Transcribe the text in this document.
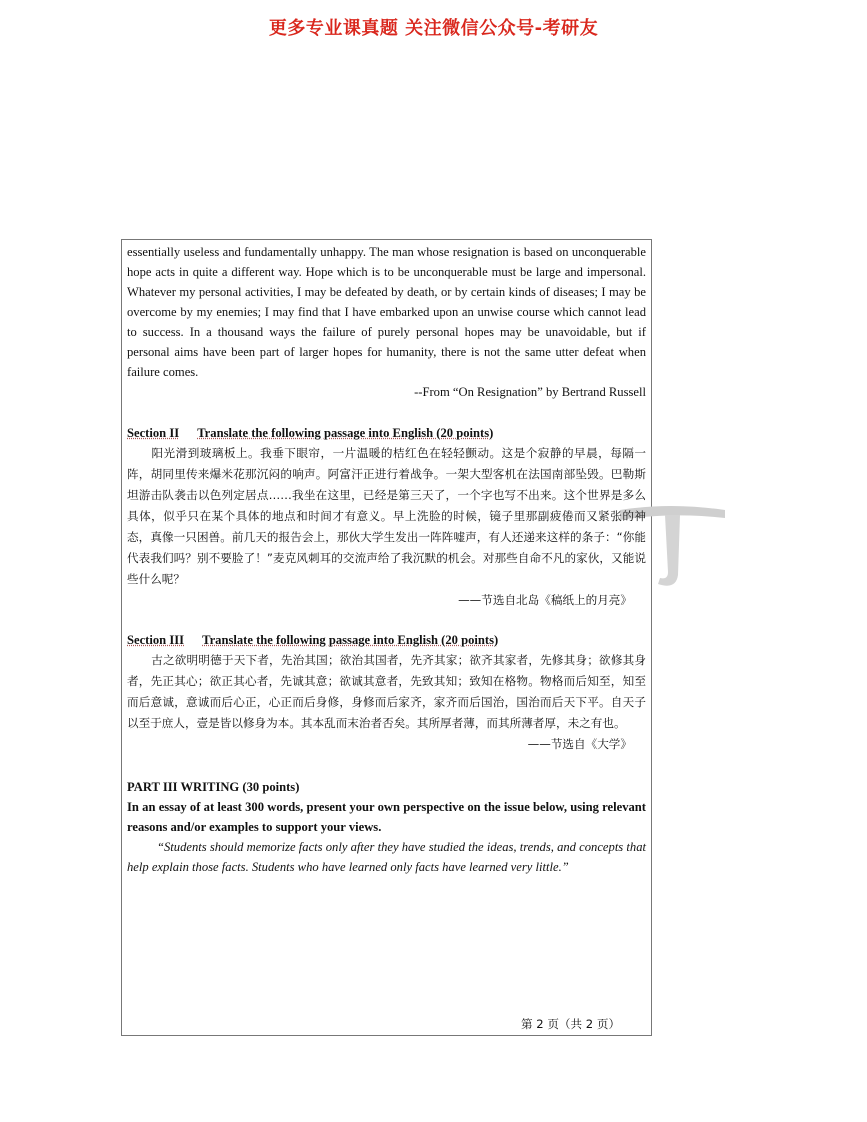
更多专业课真题 关注微信公众号-考研友

essentially useless and fundamentally unhappy. The man whose resignation is based on unconquerable hope acts in quite a different way. Hope which is to be unconquerable must be large and impersonal. Whatever my personal activities, I may be defeated by death, or by certain kinds of diseases; I may be overcome by my enemies; I may find that I have embarked upon an unwise course which cannot lead to success. In a thousand ways the failure of purely personal hopes may be unavoidable, but if personal aims have been part of larger hopes for humanity, there is not the same utter defeat when failure comes.

--From “On Resignation” by Bertrand Russell

Section II Translate the following passage into English (20 points)

阳光滑到玻璃板上。我垂下眼帘，一片温暖的桔红色在轻轻颤动。这是个寂静的早晨，每隔一阵，胡同里传来爆米花那沉闷的响声。阿富汗正进行着战争。一架大型客机在法国南部坠毁。巴勒斯坦游击队袭击以色列定居点……我坐在这里，已经是第三天了，一个字也写不出来。这个世界是多么具体，似乎只在某个具体的地点和时间才有意义。早上洗脸的时候，镜子里那副疲倦而又紧张的神态，真像一只困兽。前几天的报告会上，那伙大学生发出一阵阵嘘声，有人还递来这样的条子：“你能代表我们吗？别不要脸了！”麦克风刺耳的交流声给了我沉默的机会。对那些自命不凡的家伙，又能说些什么呢？

——节选自北岛《稿纸上的月亮》

Section III Translate the following passage into English (20 points)

古之欲明明德于天下者，先治其国；欲治其国者，先齐其家；欲齐其家者，先修其身；欲修其身者，先正其心；欲正其心者，先诚其意；欲诚其意者，先致其知；致知在格物。物格而后知至，知至而后意诚，意诚而后心正，心正而后身修，身修而后家齐，家齐而后国治，国治而后天下平。自天子以至于庶人，壹是皆以修身为本。其本乱而末治者否矣。其所厚者薄，而其所薄者厚，未之有也。

——节选自《大学》

PART III WRITING (30 points)

In an essay of at least 300 words, present your own perspective on the issue below, using relevant reasons and/or examples to support your views.

“Students should memorize facts only after they have studied the ideas, trends, and concepts that help explain those facts. Students who have learned only facts have learned very little.”

第 2 页（共 2 页）
